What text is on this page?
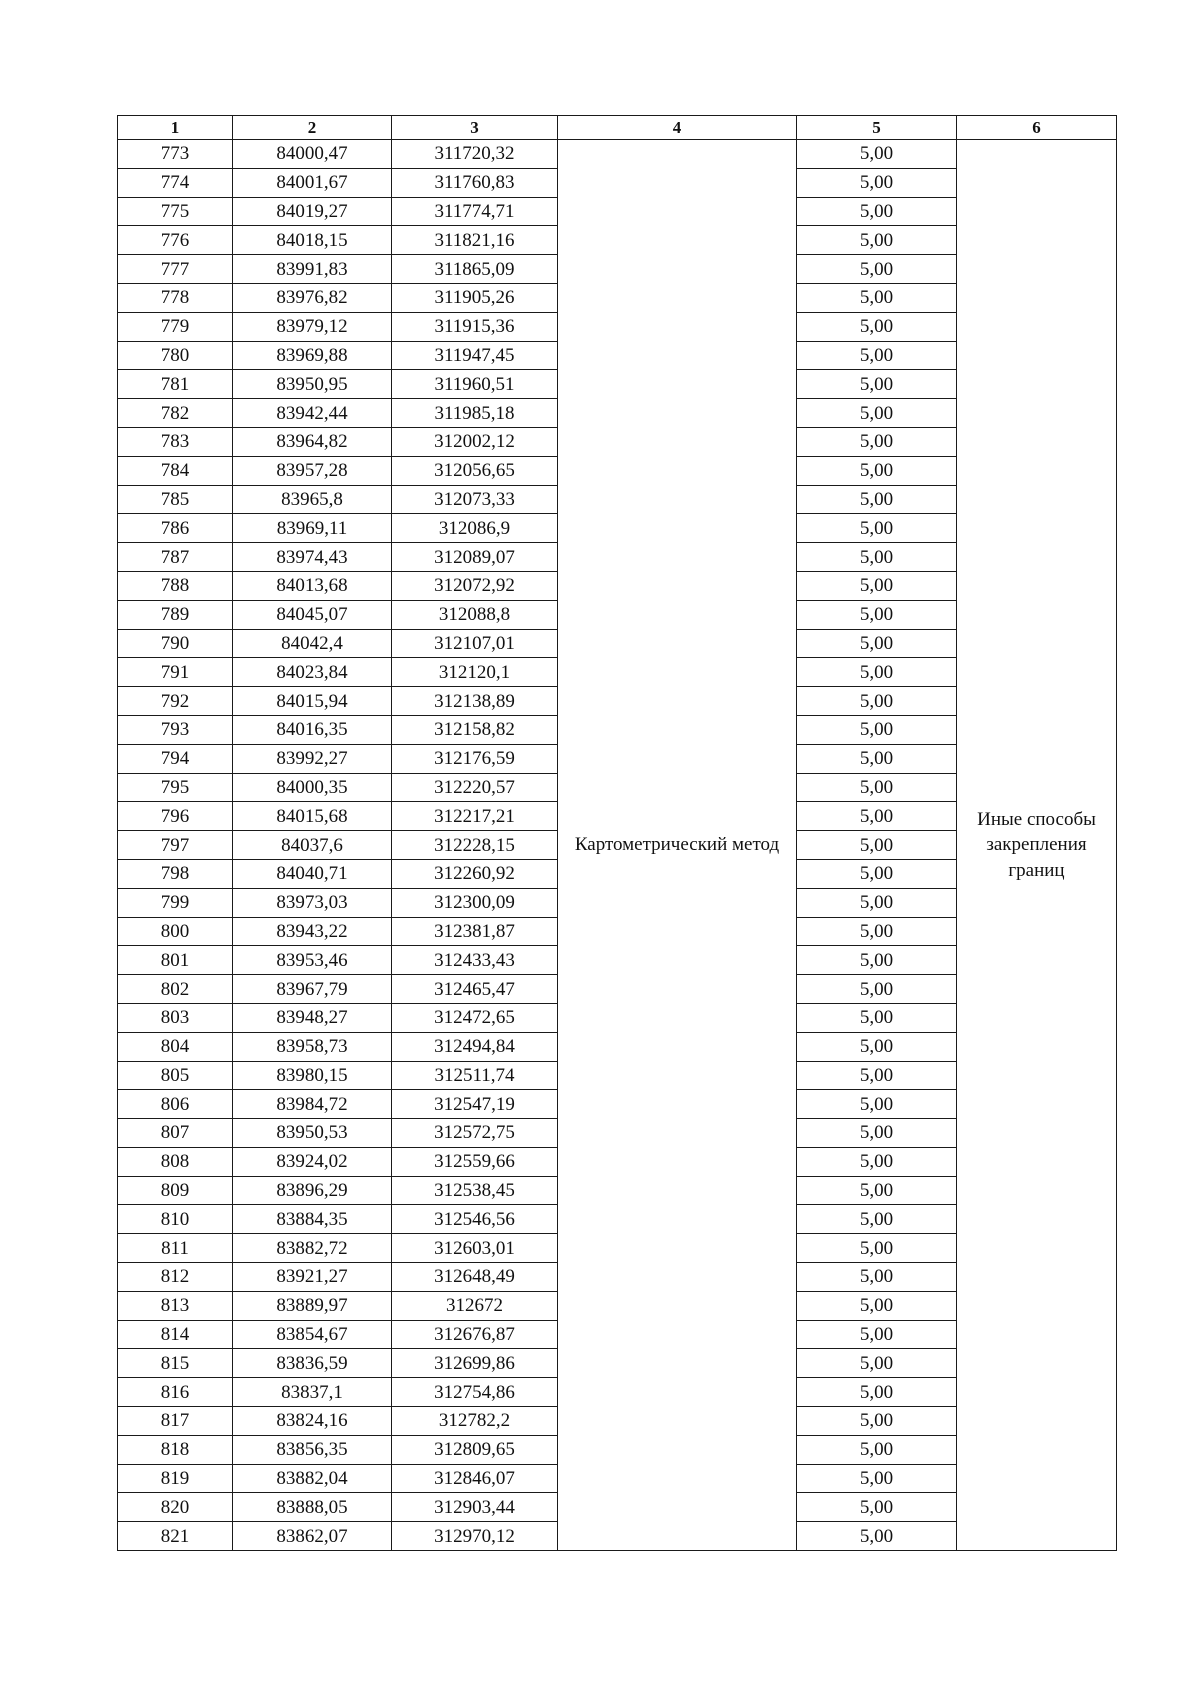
1	2	3	4	5	6
773	84000,47	311720,32	Картометрический метод	5,00	Иные способы закрепления границ
774	84001,67	311760,83		5,00	
775	84019,27	311774,71		5,00	
776	84018,15	311821,16		5,00	
777	83991,83	311865,09		5,00	
778	83976,82	311905,26		5,00	
779	83979,12	311915,36		5,00	
780	83969,88	311947,45		5,00	
781	83950,95	311960,51		5,00	
782	83942,44	311985,18		5,00	
783	83964,82	312002,12		5,00	
784	83957,28	312056,65		5,00	
785	83965,8	312073,33		5,00	
786	83969,11	312086,9		5,00	
787	83974,43	312089,07		5,00	
788	84013,68	312072,92		5,00	
789	84045,07	312088,8		5,00	
790	84042,4	312107,01		5,00	
791	84023,84	312120,1		5,00	
792	84015,94	312138,89		5,00	
793	84016,35	312158,82		5,00	
794	83992,27	312176,59		5,00	
795	84000,35	312220,57		5,00	
796	84015,68	312217,21		5,00	
797	84037,6	312228,15		5,00	
798	84040,71	312260,92		5,00	
799	83973,03	312300,09		5,00	
800	83943,22	312381,87		5,00	
801	83953,46	312433,43		5,00	
802	83967,79	312465,47		5,00	
803	83948,27	312472,65		5,00	
804	83958,73	312494,84		5,00	
805	83980,15	312511,74		5,00	
806	83984,72	312547,19		5,00	
807	83950,53	312572,75		5,00	
808	83924,02	312559,66		5,00	
809	83896,29	312538,45		5,00	
810	83884,35	312546,56		5,00	
811	83882,72	312603,01		5,00	
812	83921,27	312648,49		5,00	
813	83889,97	312672		5,00	
814	83854,67	312676,87		5,00	
815	83836,59	312699,86		5,00	
816	83837,1	312754,86		5,00	
817	83824,16	312782,2		5,00	
818	83856,35	312809,65		5,00	
819	83882,04	312846,07		5,00	
820	83888,05	312903,44		5,00	
821	83862,07	312970,12		5,00	
